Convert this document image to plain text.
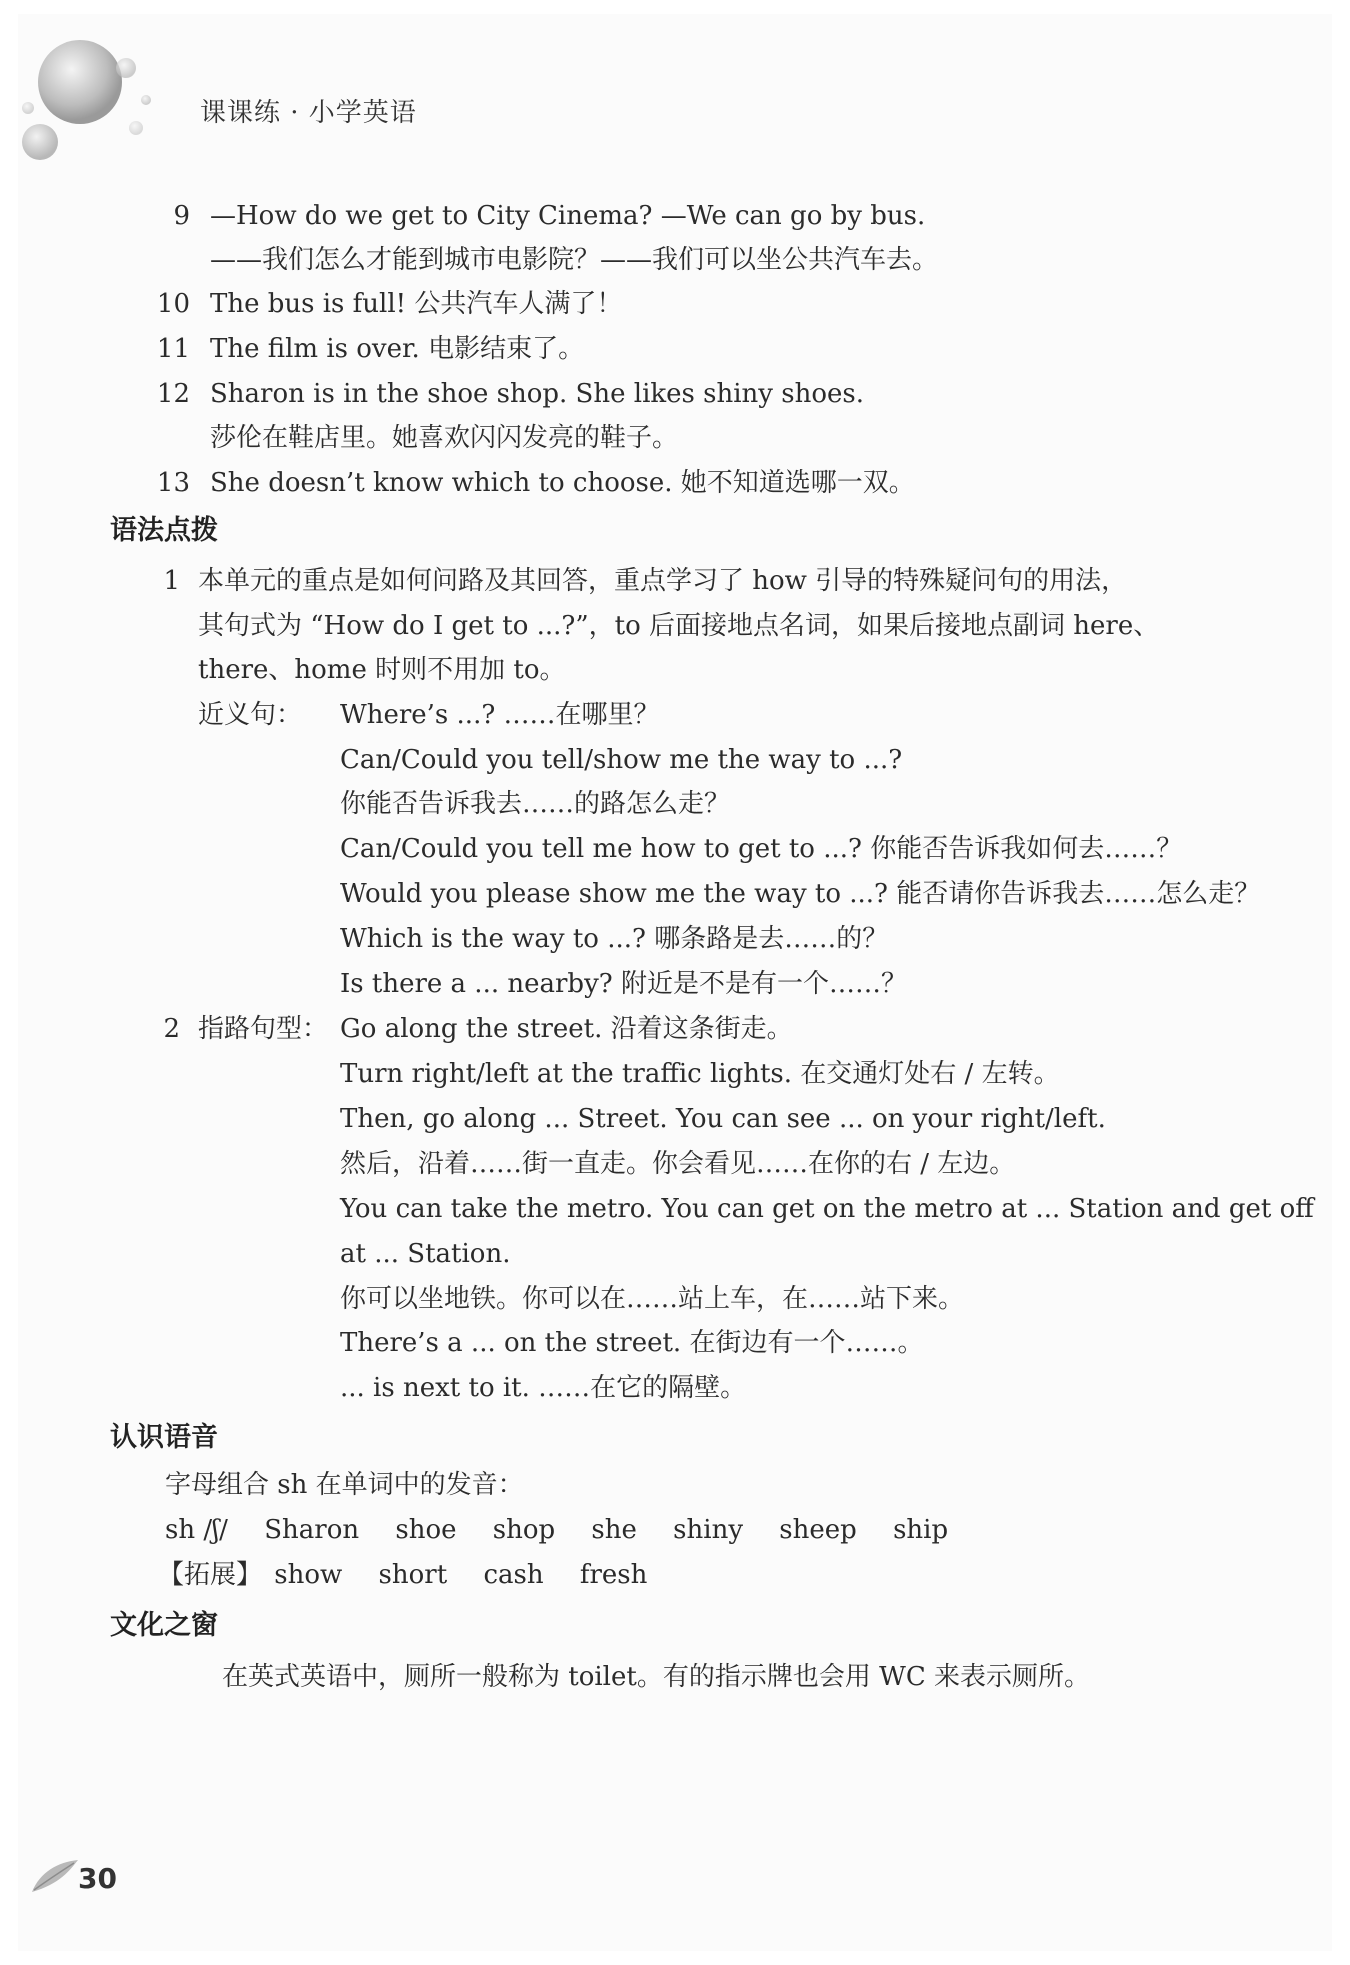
课课练 · 小学英语
9 —How do we get to City Cinema? —We can go by bus.
——我们怎么才能到城市电影院？——我们可以坐公共汽车去。
10 The bus is full! 公共汽车人满了！
11 The film is over. 电影结束了。
12 Sharon is in the shoe shop. She likes shiny shoes.
莎伦在鞋店里。她喜欢闪闪发亮的鞋子。
13 She doesn’t know which to choose. 她不知道选哪一双。
语法点拨
1 本单元的重点是如何问路及其回答，重点学习了 how 引导的特殊疑问句的用法，
其句式为 “How do I get to ...?”，to 后面接地点名词，如果后接地点副词 here、
there、home 时则不用加 to。
近义句： Where’s ...? ……在哪里？
Can/Could you tell/show me the way to ...?
你能否告诉我去……的路怎么走？
Can/Could you tell me how to get to ...? 你能否告诉我如何去……？
Would you please show me the way to ...? 能否请你告诉我去……怎么走？
Which is the way to ...? 哪条路是去……的？
Is there a ... nearby? 附近是不是有一个……？
2 指路句型： Go along the street. 沿着这条街走。
Turn right/left at the traffic lights. 在交通灯处右 / 左转。
Then, go along ... Street. You can see ... on your right/left.
然后，沿着……街一直走。你会看见……在你的右 / 左边。
You can take the metro. You can get on the metro at ... Station and get off
at ... Station.
你可以坐地铁。你可以在……站上车，在……站下来。
There’s a ... on the street. 在街边有一个……。
... is next to it. ……在它的隔壁。
认识语音
字母组合 sh 在单词中的发音：
sh /ʃ/ Sharon shoe shop she shiny sheep ship
【拓展】 show short cash fresh
文化之窗
在英式英语中，厕所一般称为 toilet。有的指示牌也会用 WC 来表示厕所。
30
